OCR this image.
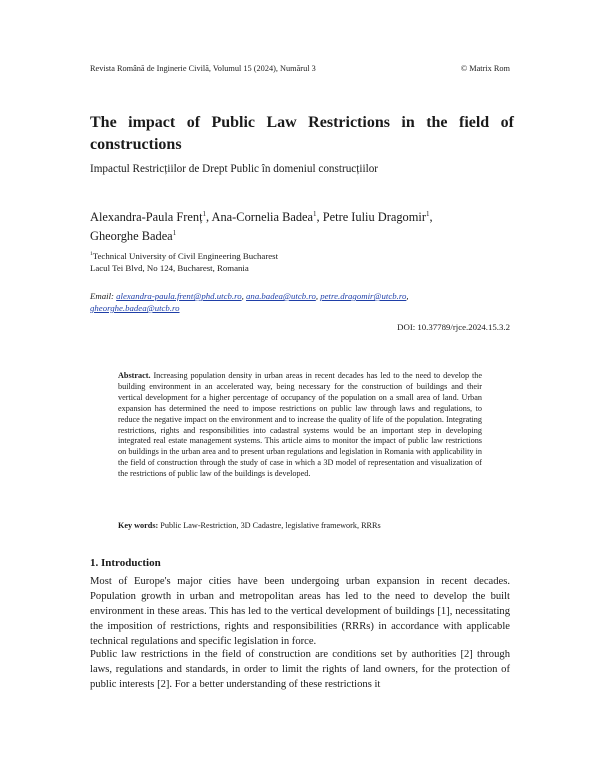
Revista Română de Inginerie Civilă, Volumul 15 (2024), Numărul 3	© Matrix Rom
The impact of Public Law Restrictions in the field of constructions

Impactul Restricțiilor de Drept Public în domeniul construcțiilor

Alexandra-Paula Frenț$^1$, Ana-Cornelia Badea$^1$, Petre Iuliu Dragomir$^1$,
Gheorghe Badea$^1$

$^1$Technical University of Civil Engineering Bucharest
Lacul Tei Blvd, No 124, Bucharest, Romania

Email: alexandra-paula.frent@phd.utcb.ro, ana.badea@utcb.ro, petre.dragomir@utcb.ro,
gheorghe.badea@utcb.ro

DOI: 10.37789/rjce.2024.15.3.2

Abstract. Increasing population density in urban areas in recent decades has led to the need to develop the building environment in an accelerated way, being necessary for the construction of buildings and their vertical development for a higher percentage of occupancy of the population on a small area of land. Urban expansion has determined the need to impose restrictions on public law through laws and regulations, to reduce the negative impact on the environment and to increase the quality of life of the population. Integrating restrictions, rights and responsibilities into cadastral systems would be an important step in developing integrated real estate management systems. This article aims to monitor the impact of public law restrictions on buildings in the urban area and to present urban regulations and legislation in Romania with applicability in the field of construction through the study of case in which a 3D model of representation and visualization of the restrictions of public law of the buildings is developed.

Key words: Public Law-Restriction, 3D Cadastre, legislative framework, RRRs

1. Introduction

Most of Europe's major cities have been undergoing urban expansion in recent decades. Population growth in urban and metropolitan areas has led to the need to develop the built environment in these areas. This has led to the vertical development of buildings [1], necessitating the imposition of restrictions, rights and responsibilities (RRRs) in accordance with applicable technical regulations and specific legislation in force.

Public law restrictions in the field of construction are conditions set by authorities [2] through laws, regulations and standards, in order to limit the rights of land owners, for the protection of public interests [2]. For a better understanding of these restrictions it
